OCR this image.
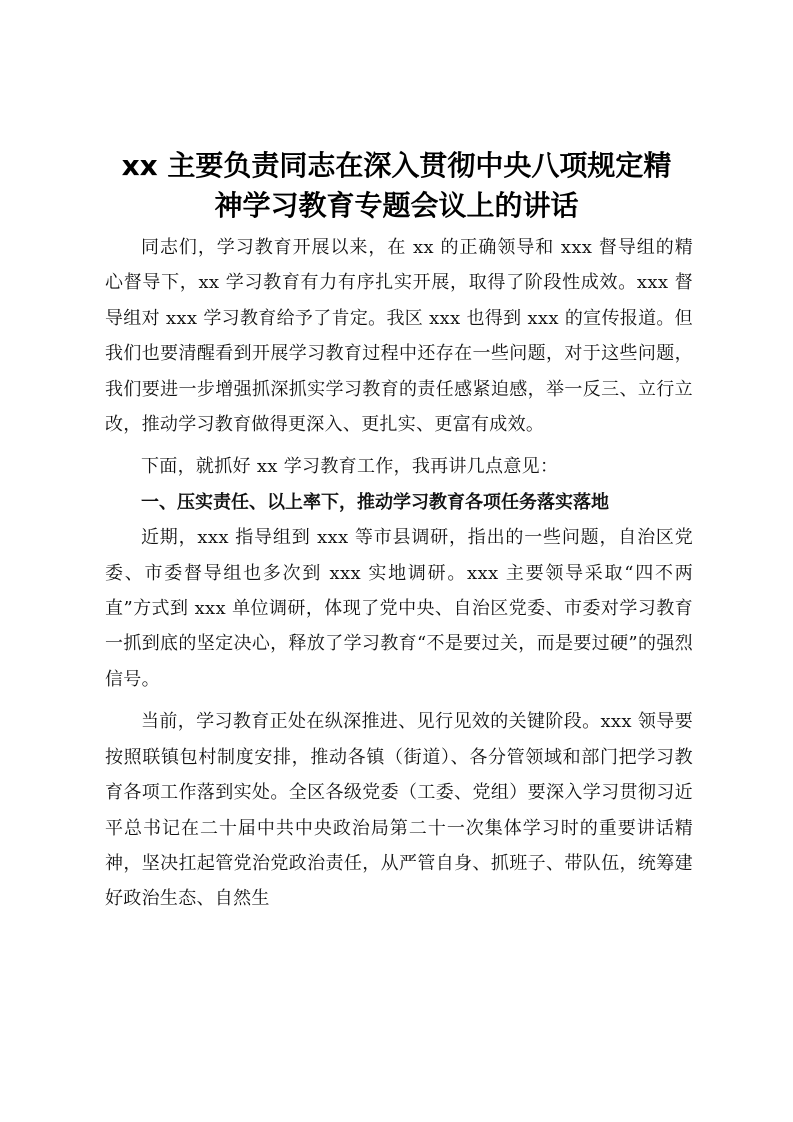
xx 主要负责同志在深入贯彻中央八项规定精
神学习教育专题会议上的讲话

同志们，学习教育开展以来，在 xx 的正确领导和 xxx 督导组的精心督导下，xx 学习教育有力有序扎实开展，取得了阶段性成效。xxx 督导组对 xxx 学习教育给予了肯定。我区 xxx 也得到 xxx 的宣传报道。但我们也要清醒看到开展学习教育过程中还存在一些问题，对于这些问题，我们要进一步增强抓深抓实学习教育的责任感紧迫感，举一反三、立行立改，推动学习教育做得更深入、更扎实、更富有成效。

下面，就抓好 xx 学习教育工作，我再讲几点意见：

一、压实责任、以上率下，推动学习教育各项任务落实落地

近期，xxx 指导组到 xxx 等市县调研，指出的一些问题，自治区党委、市委督导组也多次到 xxx 实地调研。xxx 主要领导采取“四不两直”方式到 xxx 单位调研，体现了党中央、自治区党委、市委对学习教育一抓到底的坚定决心，释放了学习教育“不是要过关，而是要过硬”的强烈信号。

当前，学习教育正处在纵深推进、见行见效的关键阶段。xxx 领导要按照联镇包村制度安排，推动各镇（街道）、各分管领域和部门把学习教育各项工作落到实处。全区各级党委（工委、党组）要深入学习贯彻习近平总书记在二十届中共中央政治局第二十一次集体学习时的重要讲话精神，坚决扛起管党治党政治责任，从严管自身、抓班子、带队伍，统筹建好政治生态、自然生
